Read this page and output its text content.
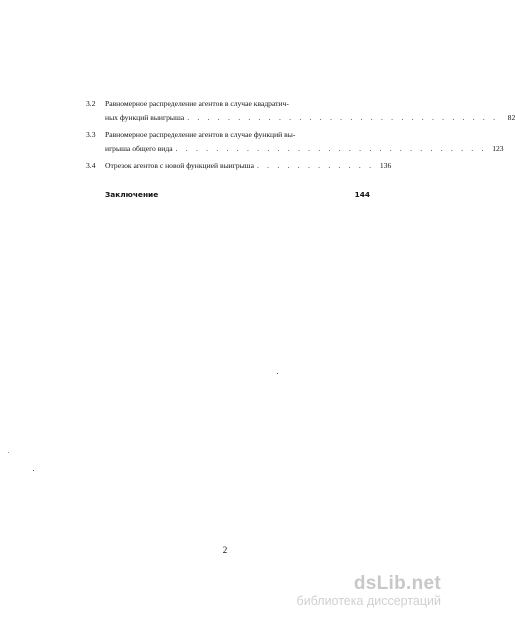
3.2 Равномерное распределение агентов в случае квадратич-
ных функций выигрыша . . . . . . . . . . . . . . . . . . . . . . . . . . . . . . .	82
3.3 Равномерное распределение агентов в случае функций вы-
игрыша общего вида . . . . . . . . . . . . . . . . . . . . . . . . . . . . . . . 123
3.4 Отрезок агентов с новой функцией выигрыша . . . . . . . . . . . . 136
Заключение	144
2
dsLib.net
библиотека диссертаций
